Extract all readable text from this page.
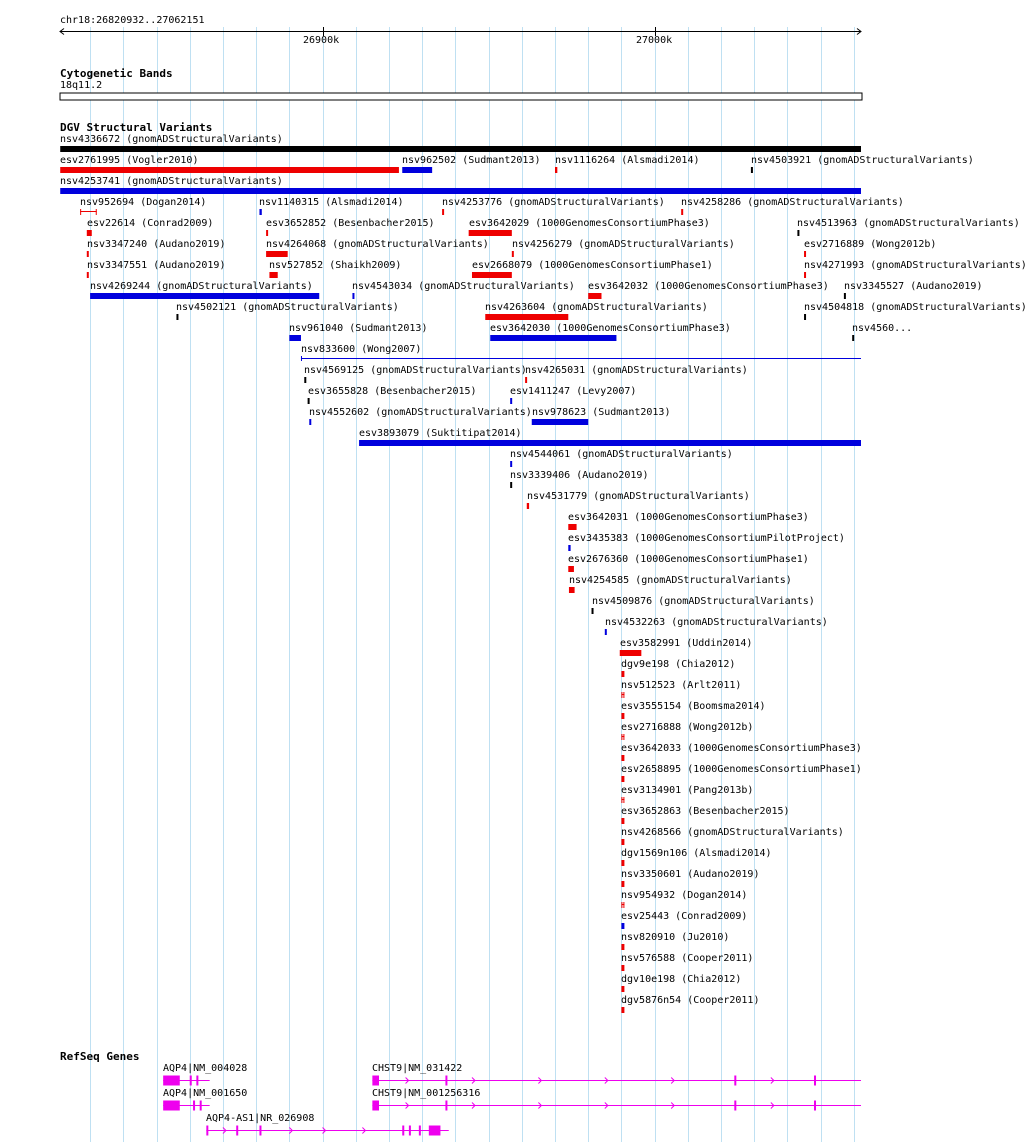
chr18:26820932..27062151
26900k	27000k
Cytogenetic Bands
18q11.2
DGV Structural Variants
nsv4336672 (gnomADStructuralVariants)
esv2761995 (Vogler2010)	nsv962502 (Sudmant2013) nsv1116264 (Alsmadi2014)	nsv4503921 (gnomADStructuralVariants)
nsv4253741 (gnomADStructuralVariants)
nsv952694 (Dogan2014)	nsv1140315 (Alsmadi2014)	nsv4253776 (gnomADStructuralVariants) nsv4258286 (gnomADStructuralVariants)
esv22614 (Conrad2009)	esv3652852 (Besenbacher2015)	esv3642029 (1000GenomesConsortiumPhase3)	nsv4513963 (gnomADStructuralVariants)
nsv3347240 (Audano2019)	nsv4264068 (gnomADStructuralVariants) nsv4256279 (gnomADStructuralVariants)	esv2716889 (Wong2012b)
nsv3347551 (Audano2019)	nsv527852 (Shaikh2009)	esv2668079 (1000GenomesConsortiumPhase1)	nsv4271993 (gnomADStructuralVariants)
nsv4269244 (gnomADStructuralVariants)	nsv4543034 (gnomADStructuralVariants) esv3642032 (1000GenomesConsortiumPhase3) nsv3345527 (Audano2019)
nsv4502121 (gnomADStructuralVariants)	nsv4263604 (gnomADStructuralVariants)	nsv4504818 (gnomADStructuralVariants)
nsv961040 (Sudmant2013)	esv3642030 (1000GenomesConsortiumPhase3)	nsv4560...
nsv833600 (Wong2007)
nsv4569125 (gnomADStructuralVariants)
nsv4265031 (gnomADStructuralVariants)
esv3655828 (Besenbacher2015)	esv1411247 (Levy2007)
nsv4552602 (gnomADStructuralVariants) nsv978623 (Sudmant2013)
esv3893079 (Suktitipat2014)
nsv4544061 (gnomADStructuralVariants)
nsv3339406 (Audano2019)
nsv4531779 (gnomADStructuralVariants)
esv3642031 (1000GenomesConsortiumPhase3)
esv3435383 (1000GenomesConsortiumPilotProject)
esv2676360 (1000GenomesConsortiumPhase1)
nsv4254585 (gnomADStructuralVariants)
nsv4509876 (gnomADStructuralVariants)
nsv4532263 (gnomADStructuralVariants)
esv3582991 (Uddin2014)
dgv9e198 (Chia2012)
nsv512523 (Arlt2011)
esv3555154 (Boomsma2014)
esv2716888 (Wong2012b)
esv3642033 (1000GenomesConsortiumPhase3)
esv2658895 (1000GenomesConsortiumPhase1)
esv3134901 (Pang2013b)
esv3652863 (Besenbacher2015)
nsv4268566 (gnomADStructuralVariants)
dgv1569n106 (Alsmadi2014)
nsv3350601 (Audano2019)
nsv954932 (Dogan2014)
esv25443 (Conrad2009)
nsv820910 (Ju2010)
nsv576588 (Cooper2011)
dgv10e198 (Chia2012)
dgv5876n54 (Cooper2011)
RefSeq Genes
AQP4|NM_004028	CHST9|NM_031422
AQP4|NM_001650	CHST9|NM_001256316
AQP4-AS1|NR_026908
